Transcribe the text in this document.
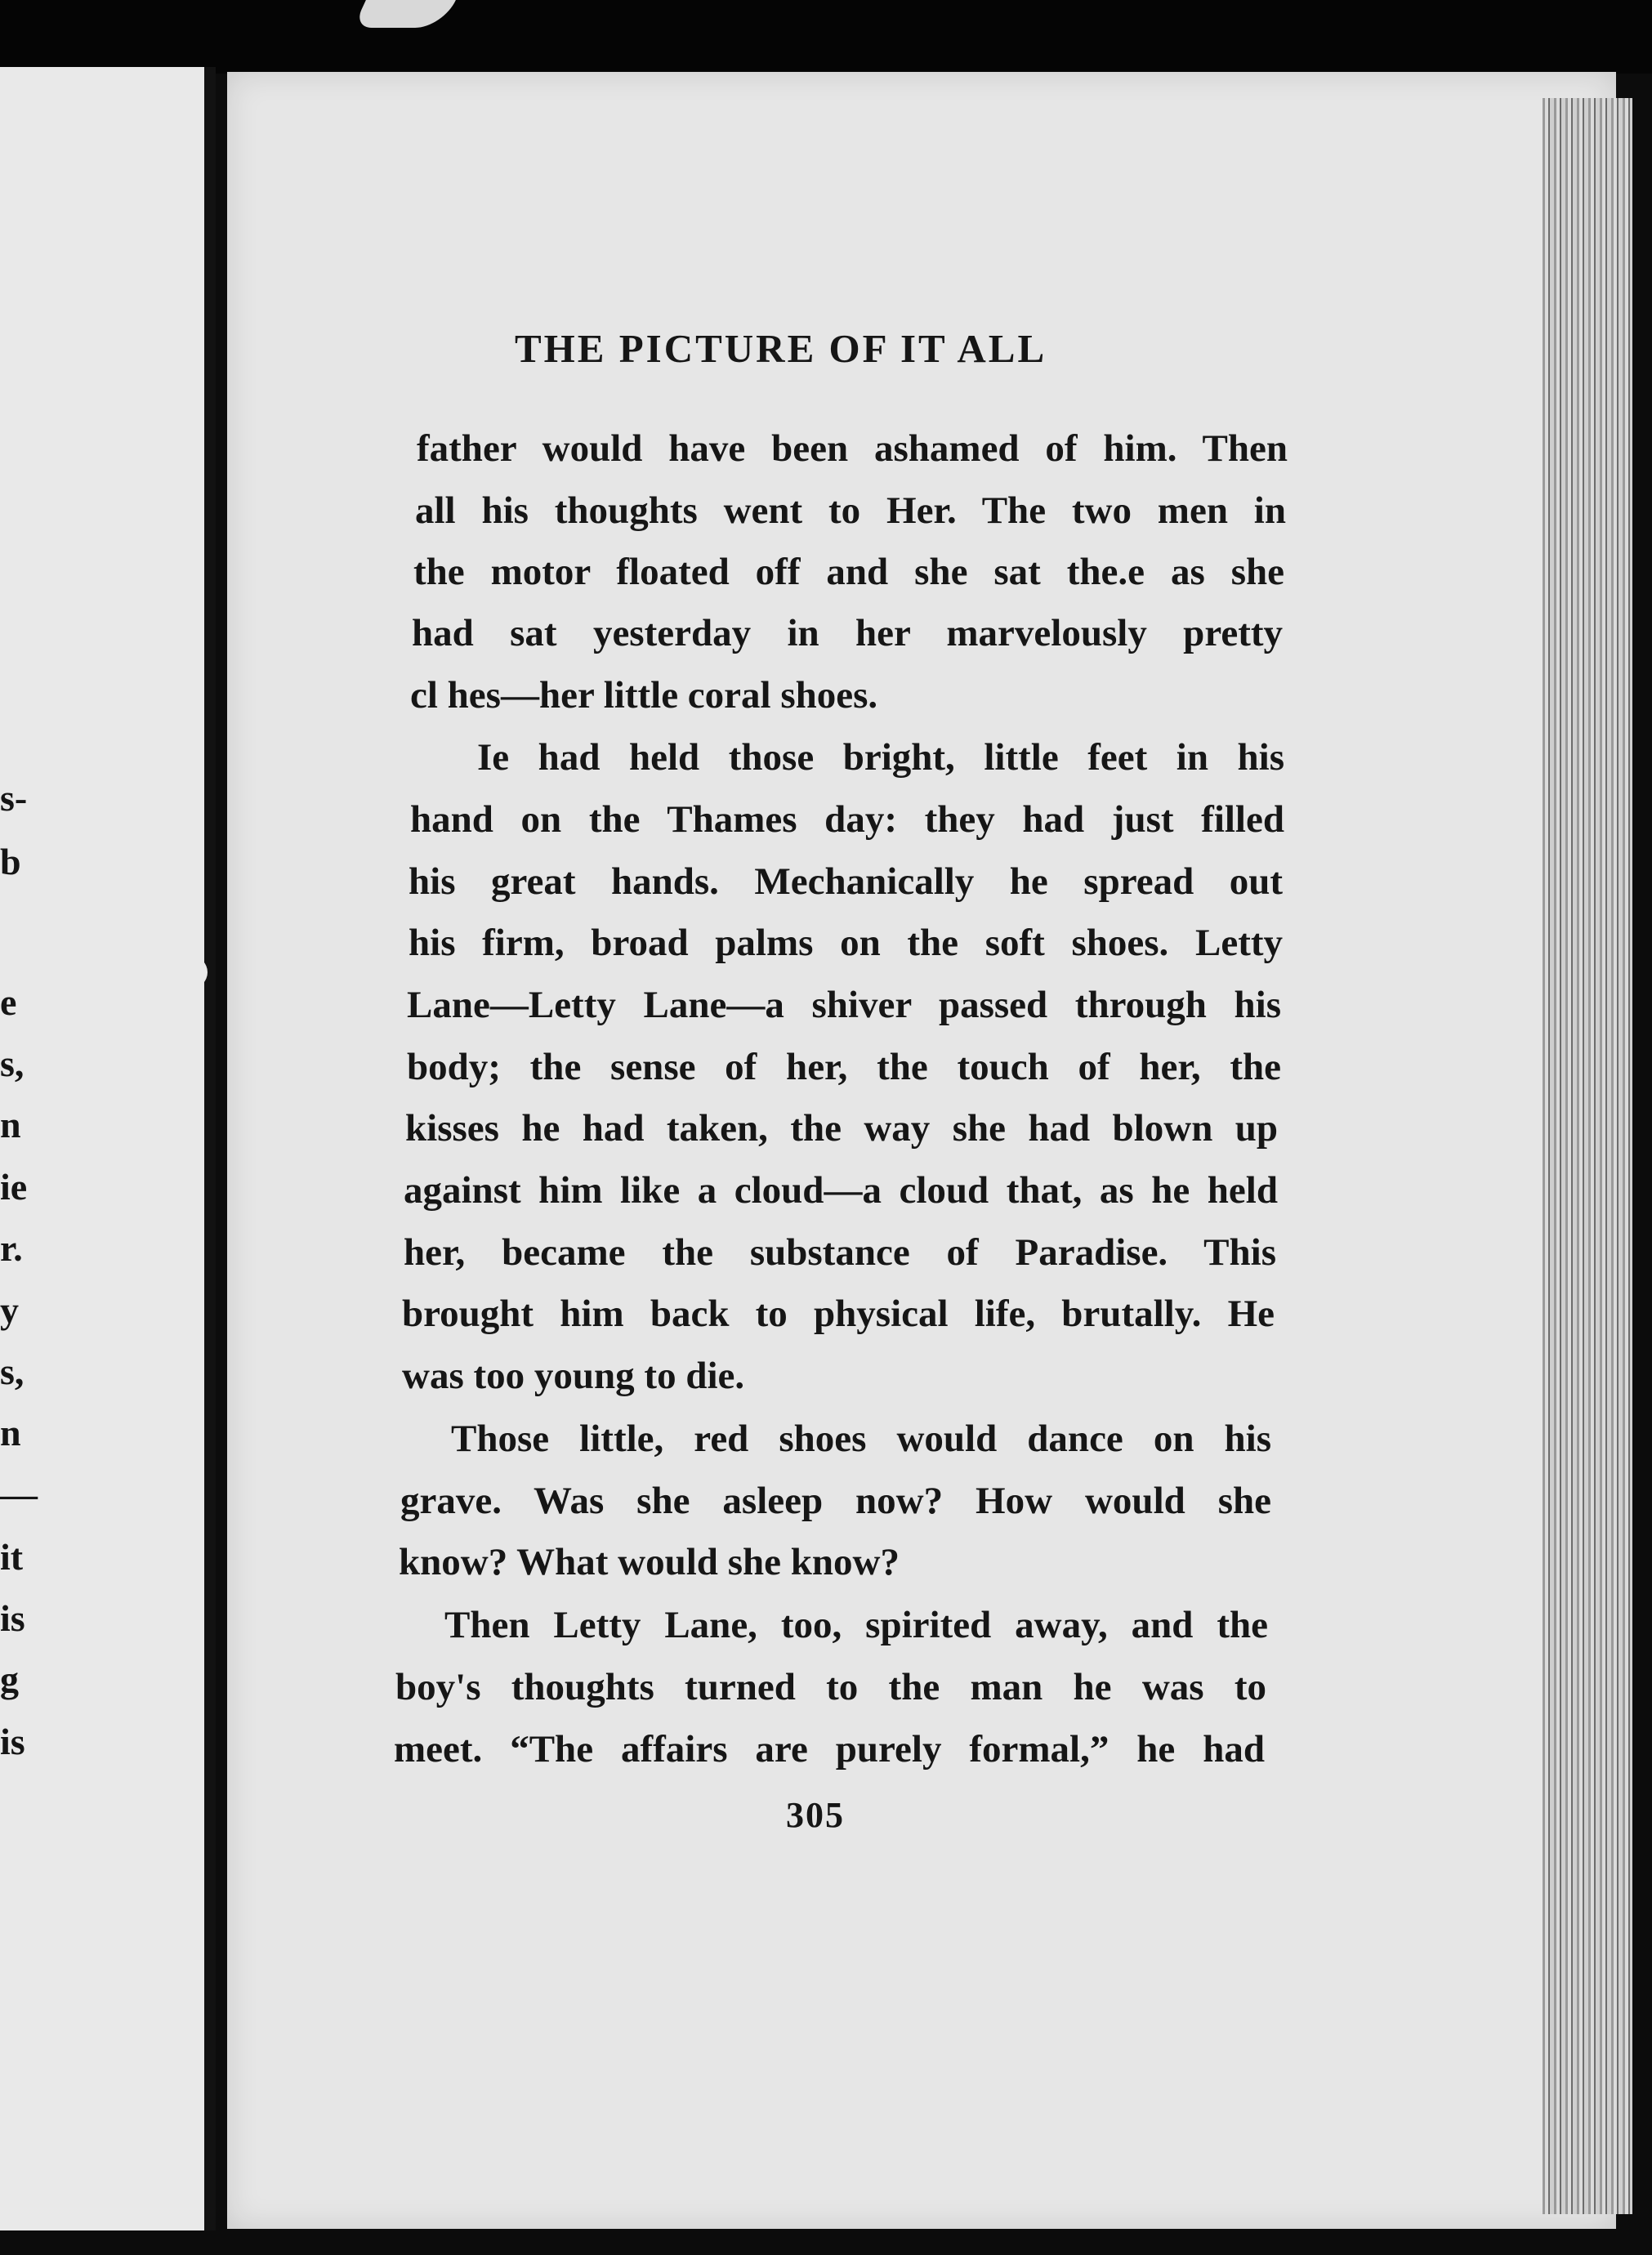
s-
b
e
s,
n
ie
r.
y
s,
n
—
it
is
g
is
THE PICTURE OF IT ALL
father would have been ashamed of him. Then
all his thoughts went to Her. The two men in
the motor floated off and she sat the.e as she
had sat yesterday in her marvelously pretty
cl hes—her little coral shoes.
Ie had held those bright, little feet in his
hand on the Thames day: they had just filled
his great hands. Mechanically he spread out
his firm, broad palms on the soft shoes. Letty
Lane—Letty Lane—a shiver passed through his
body; the sense of her, the touch of her, the
kisses he had taken, the way she had blown up
against him like a cloud—a cloud that, as he held
her, became the substance of Paradise. This
brought him back to physical life, brutally. He
was too young to die.
Those little, red shoes would dance on his
grave. Was she asleep now? How would she
know? What would she know?
Then Letty Lane, too, spirited away, and the
boy's thoughts turned to the man he was to
meet. “The affairs are purely formal,” he had
305
